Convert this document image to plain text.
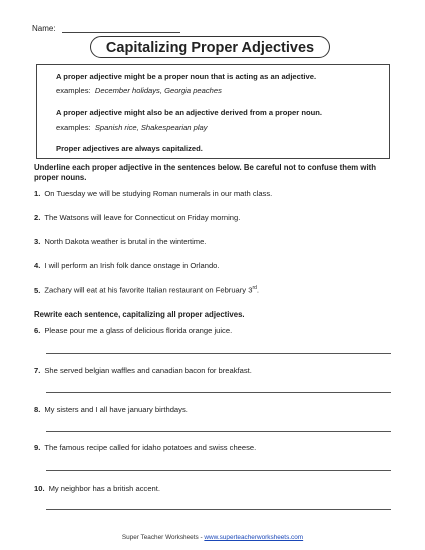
Name:
Capitalizing Proper Adjectives

A proper adjective might be a proper noun that is acting as an adjective.

examples: December holidays, Georgia peaches

A proper adjective might also be an adjective derived from a proper noun.

examples: Spanish rice, Shakespearian play

Proper adjectives are always capitalized.

Underline each proper adjective in the sentences below. Be careful not to confuse them with proper nouns.
1. On Tuesday we will be studying Roman numerals in our math class.
2. The Watsons will leave for Connecticut on Friday morning.
3. North Dakota weather is brutal in the wintertime.
4. I will perform an Irish folk dance onstage in Orlando.
5. Zachary will eat at his favorite Italian restaurant on February 3rd.
Rewrite each sentence, capitalizing all proper adjectives.
6. Please pour me a glass of delicious florida orange juice.
7. She served belgian waffles and canadian bacon for breakfast.
8. My sisters and I all have january birthdays.
9. The famous recipe called for idaho potatoes and swiss cheese.
10. My neighbor has a british accent.
Super Teacher Worksheets - www.superteacherworksheets.com
